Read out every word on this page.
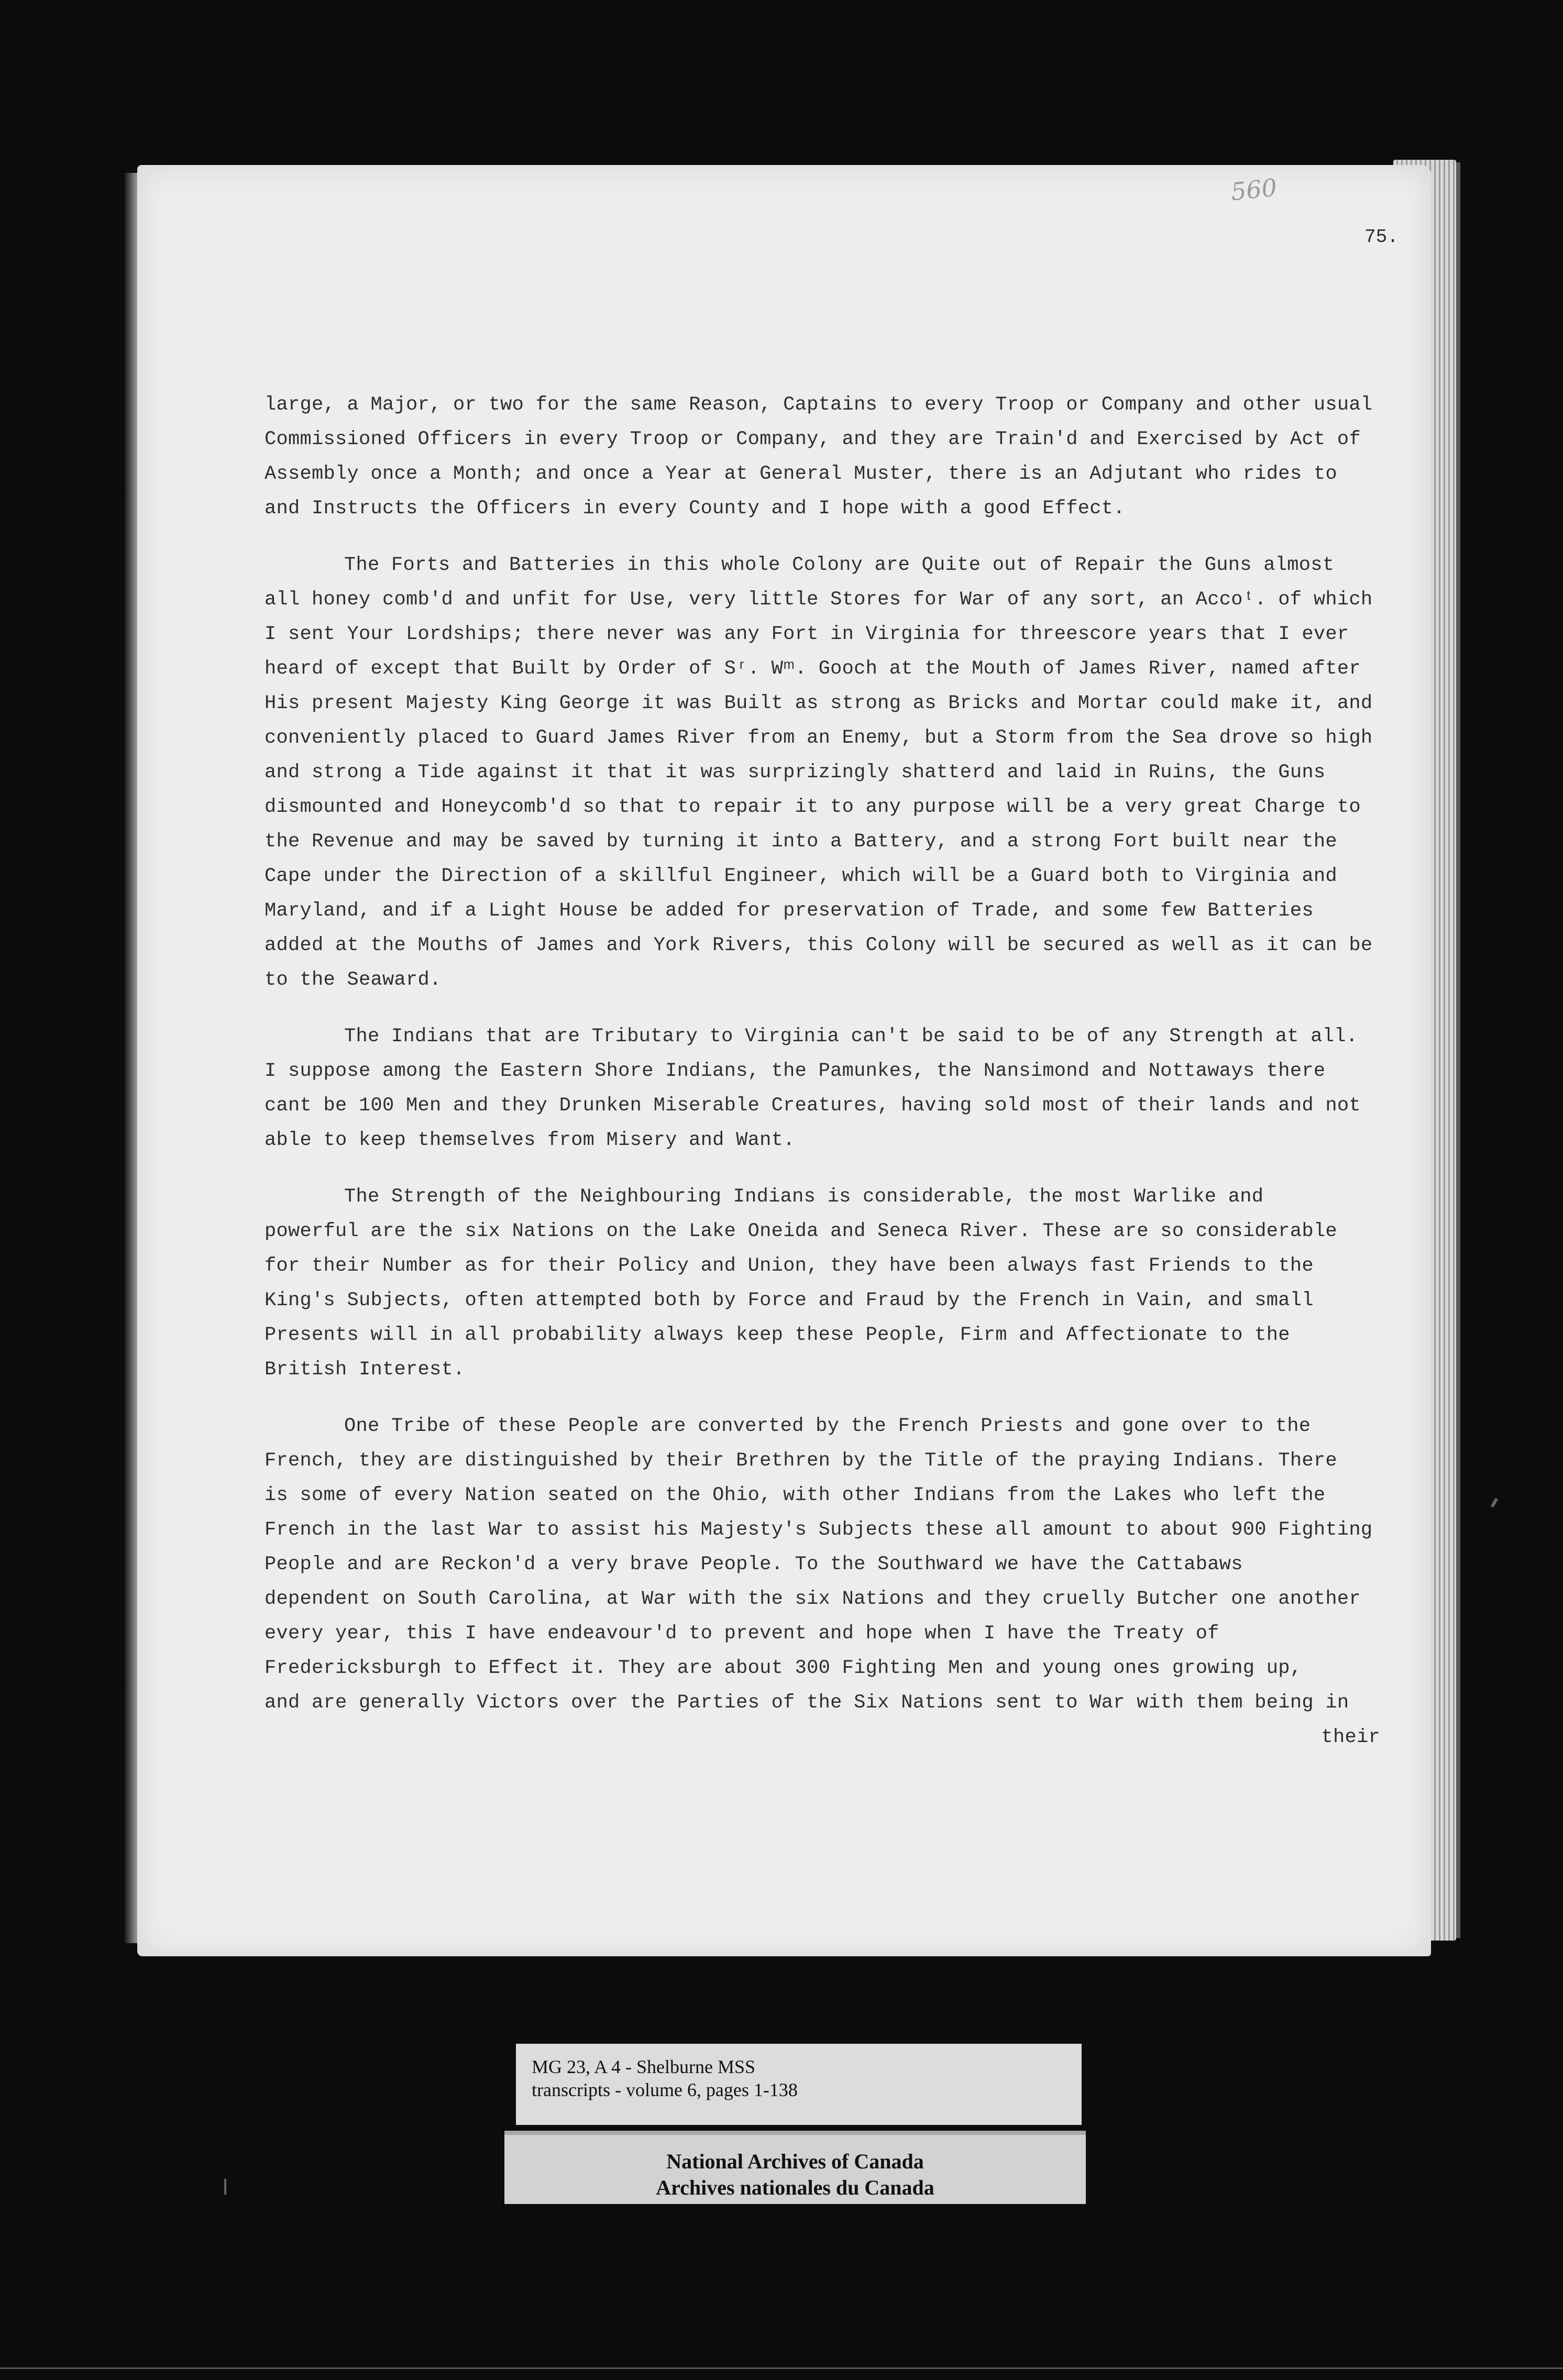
560
75.
large, a Major, or two for the same Reason, Captains to every Troop or Company and other usual
Commissioned Officers in every Troop or Company, and they are Train'd and Exercised by Act of
Assembly once a Month; and once a Year at General Muster, there is an Adjutant who rides to
and Instructs the Officers in every County and I hope with a good Effect.
The Forts and Batteries in this whole Colony are Quite out of Repair the Guns almost
all honey comb'd and unfit for Use, very little Stores for War of any sort, an Accoᵗ. of which
I sent Your Lordships; there never was any Fort in Virginia for threescore years that I ever
heard of except that Built by Order of Sʳ. Wᵐ. Gooch at the Mouth of James River, named after
His present Majesty King George it was Built as strong as Bricks and Mortar could make it, and
conveniently placed to Guard James River from an Enemy, but a Storm from the Sea drove so high
and strong a Tide against it that it was surprizingly shatterd and laid in Ruins, the Guns
dismounted and Honeycomb'd so that to repair it to any purpose will be a very great Charge to
the Revenue and may be saved by turning it into a Battery, and a strong Fort built near the
Cape under the Direction of a skillful Engineer, which will be a Guard both to Virginia and
Maryland, and if a Light House be added for preservation of Trade, and some few Batteries
added at the Mouths of James and York Rivers, this Colony will be secured as well as it can be
to the Seaward.
The Indians that are Tributary to Virginia can't be said to be of any Strength at all.
I suppose among the Eastern Shore Indians, the Pamunkes, the Nansimond and Nottaways there
cant be 100 Men and they Drunken Miserable Creatures, having sold most of their lands and not
able to keep themselves from Misery and Want.
The Strength of the Neighbouring Indians is considerable, the most Warlike and
powerful are the six Nations on the Lake Oneida and Seneca River. These are so considerable
for their Number as for their Policy and Union, they have been always fast Friends to the
King's Subjects, often attempted both by Force and Fraud by the French in Vain, and small
Presents will in all probability always keep these People, Firm and Affectionate to the
British Interest.
One Tribe of these People are converted by the French Priests and gone over to the
French, they are distinguished by their Brethren by the Title of the praying Indians. There
is some of every Nation seated on the Ohio, with other Indians from the Lakes who left the
French in the last War to assist his Majesty's Subjects these all amount to about 900 Fighting
People and are Reckon'd a very brave People. To the Southward we have the Cattabaws
dependent on South Carolina, at War with the six Nations and they cruelly Butcher one another
every year, this I have endeavour'd to prevent and hope when I have the Treaty of
Fredericksburgh to Effect it. They are about 300 Fighting Men and young ones growing up,
and are generally Victors over the Parties of the Six Nations sent to War with them being in
their
MG 23, A 4 - Shelburne MSS
transcripts - volume 6, pages 1-138
National Archives of Canada
Archives nationales du Canada
